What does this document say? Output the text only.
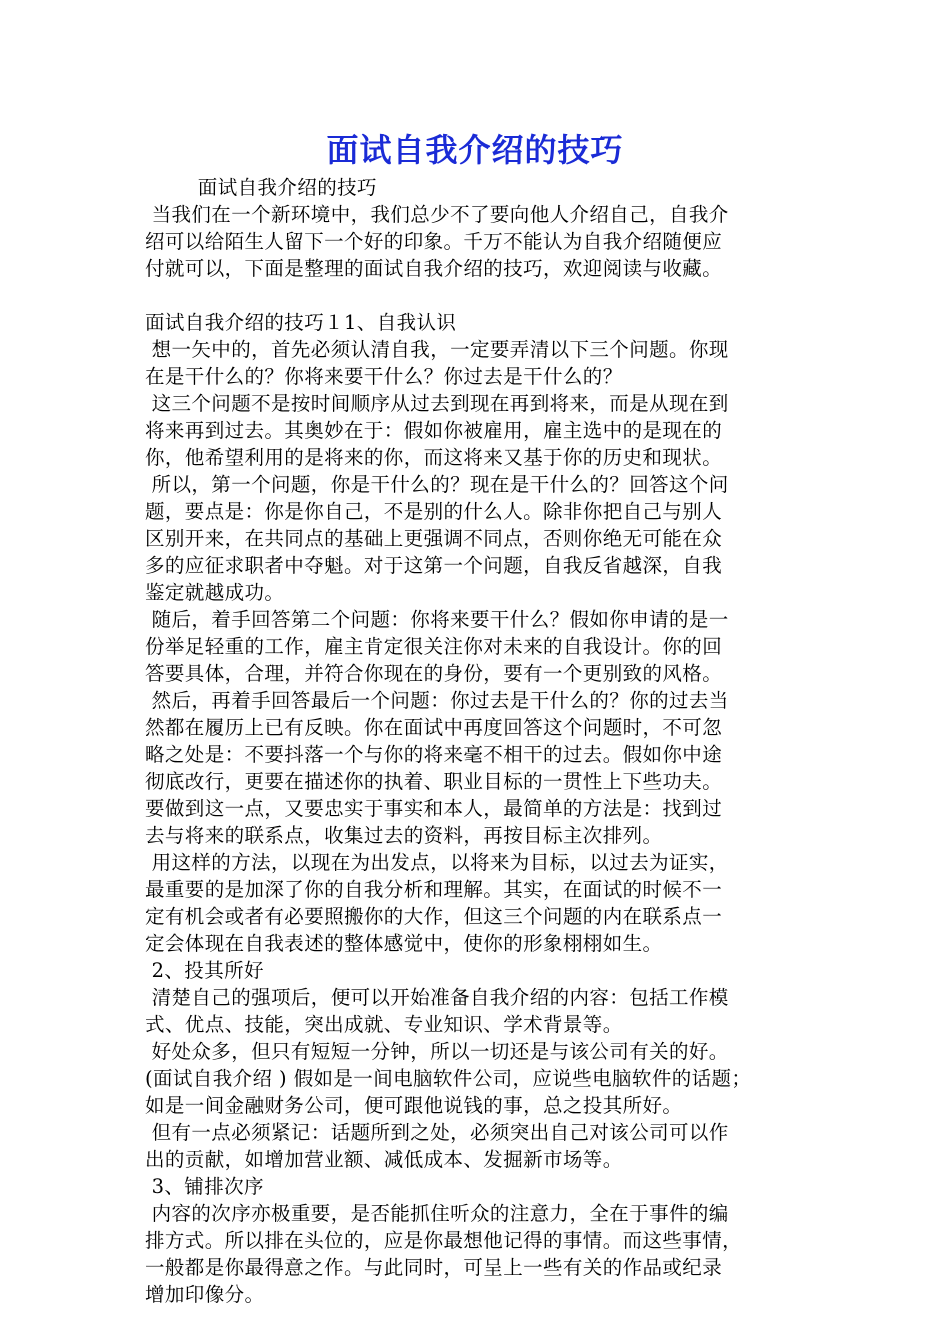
面试自我介绍的技巧
面试自我介绍的技巧
当我们在一个新环境中，我们总少不了要向他人介绍自己，自我介
绍可以给陌生人留下一个好的印象。千万不能认为自我介绍随便应
付就可以，下面是整理的面试自我介绍的技巧，欢迎阅读与收藏。
面试自我介绍的技巧１1、自我认识
想一矢中的，首先必须认清自我，一定要弄清以下三个问题。你现
在是干什么的？你将来要干什么？你过去是干什么的？
这三个问题不是按时间顺序从过去到现在再到将来，而是从现在到
将来再到过去。其奥妙在于：假如你被雇用，雇主选中的是现在的
你，他希望利用的是将来的你，而这将来又基于你的历史和现状。
所以，第一个问题，你是干什么的？现在是干什么的？回答这个问
题，要点是：你是你自己，不是别的什么人。除非你把自己与别人
区别开来，在共同点的基础上更强调不同点，否则你绝无可能在众
多的应征求职者中夺魁。对于这第一个问题，自我反省越深，自我
鉴定就越成功。
随后，着手回答第二个问题：你将来要干什么？假如你申请的是一
份举足轻重的工作，雇主肯定很关注你对未来的自我设计。你的回
答要具体，合理，并符合你现在的身份，要有一个更别致的风格。
然后，再着手回答最后一个问题：你过去是干什么的？你的过去当
然都在履历上已有反映。你在面试中再度回答这个问题时，不可忽
略之处是：不要抖落一个与你的将来毫不相干的过去。假如你中途
彻底改行，更要在描述你的执着、职业目标的一贯性上下些功夫。
要做到这一点，又要忠实于事实和本人，最简单的方法是：找到过
去与将来的联系点，收集过去的资料，再按目标主次排列。
用这样的方法，以现在为出发点，以将来为目标，以过去为证实，
最重要的是加深了你的自我分析和理解。其实，在面试的时候不一
定有机会或者有必要照搬你的大作，但这三个问题的内在联系点一
定会体现在自我表述的整体感觉中，使你的形象栩栩如生。
2、投其所好
清楚自己的强项后，便可以开始准备自我介绍的内容：包括工作模
式、优点、技能，突出成就、专业知识、学术背景等。
好处众多，但只有短短一分钟，所以一切还是与该公司有关的好。
(面试自我介绍 ) 假如是一间电脑软件公司，应说些电脑软件的话题；
如是一间金融财务公司，便可跟他说钱的事，总之投其所好。
但有一点必须紧记：话题所到之处，必须突出自己对该公司可以作
出的贡献，如增加营业额、减低成本、发掘新市场等。
3、铺排次序
内容的次序亦极重要，是否能抓住听众的注意力，全在于事件的编
排方式。所以排在头位的，应是你最想他记得的事情。而这些事情，
一般都是你最得意之作。与此同时，可呈上一些有关的作品或纪录
增加印像分。
